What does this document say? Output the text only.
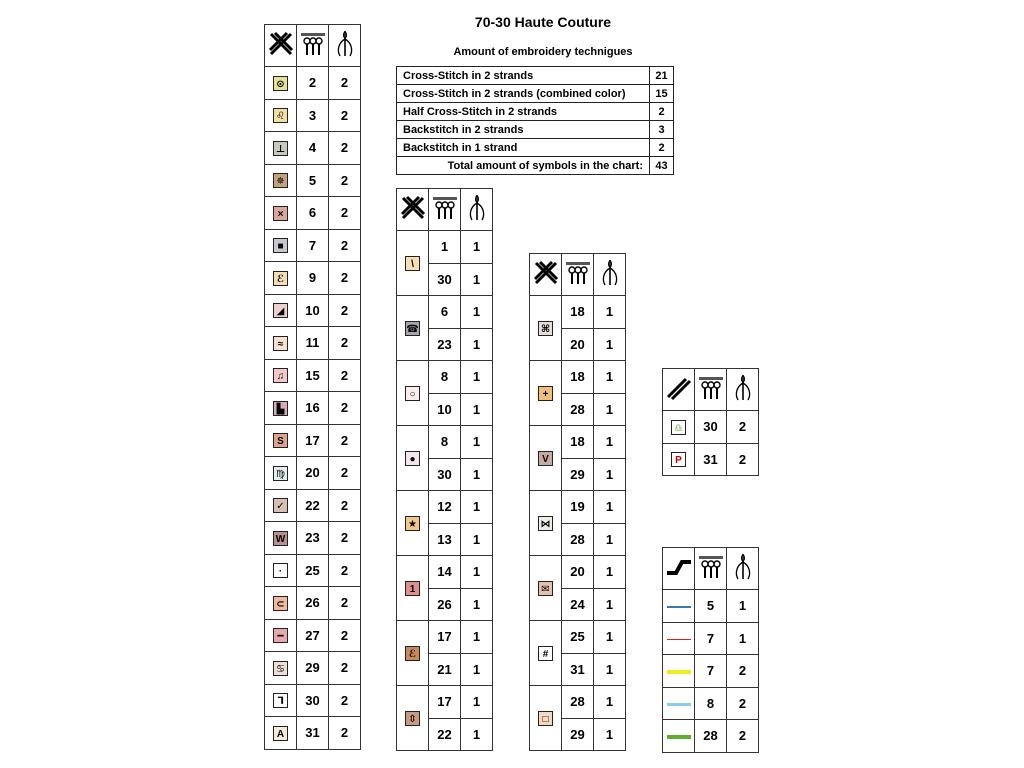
70-30 Haute Couture
Amount of embroidery technigues
Cross-Stitch in 2 strands	21
Cross-Stitch in 2 strands (combined color)	15
Half Cross-Stitch in 2 strands	2
Backstitch in 2 strands	3
Backstitch in 1 strand	2
Total amount of symbols in the chart:	43

⊙	2	2
♌	3	2
⊥	4	2
✵	5	2
×	6	2
■	7	2
ℰ	9	2
◢	10	2
≈	11	2
♫	15	2
▙	16	2
S	17	2
♍	20	2
✓	22	2
W	23	2
·	25	2
⊂	26	2
━	27	2
♋	29	2
⅂	30	2
A	31	2

\	1	1
	30	1
☎	6	1
	23	1
○	8	1
	10	1
●	8	1
	30	1
★	12	1
	13	1
1	14	1
	26	1
ℰ	17	1
	21	1
⇳	17	1
	22	1

⌘	18	1
	20	1
+	18	1
	28	1
V	18	1
	29	1
⋈	19	1
	28	1
✉	20	1
	24	1
#	25	1
	31	1
□	28	1
	29	1

♎	30	2
P	31	2

	5	1
	7	1
	7	2
	8	2
	28	2
